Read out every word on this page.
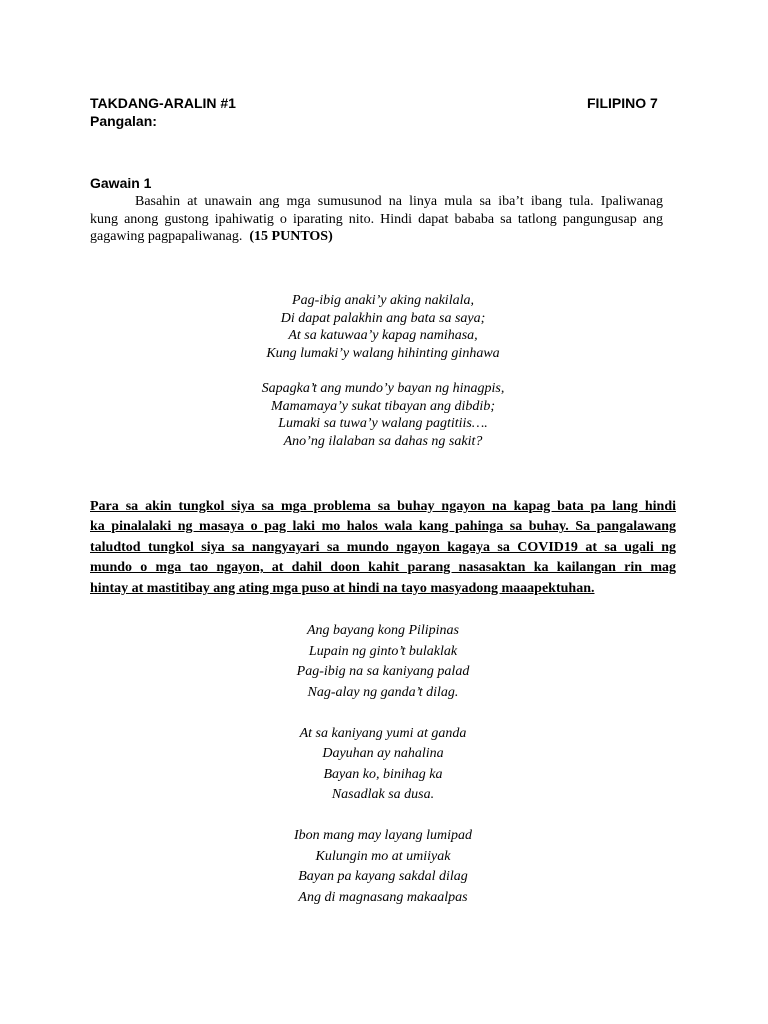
TAKDANG-ARALIN #1	FILIPINO 7
Pangalan:
Gawain 1
Basahin at unawain ang mga sumusunod na linya mula sa iba’t ibang tula. Ipaliwanag
kung anong gustong ipahiwatig o iparating nito. Hindi dapat bababa sa tatlong pangungusap ang
gagawing pagpapaliwanag. (15 PUNTOS)
Pag-ibig anaki’y aking nakilala,
Di dapat palakhin ang bata sa saya;
At sa katuwaa’y kapag namihasa,
Kung lumaki’y walang hihinting ginhawa
Sapagka’t ang mundo’y bayan ng hinagpis,
Mamamaya’y sukat tibayan ang dibdib;
Lumaki sa tuwa’y walang pagtitiis….
Ano’ng ilalaban sa dahas ng sakit?
Para sa akin tungkol siya sa mga problema sa buhay ngayon na kapag bata pa lang hindi
ka pinalalaki ng masaya o pag laki mo halos wala kang pahinga sa buhay. Sa pangalawang
taludtod tungkol siya sa nangyayari sa mundo ngayon kagaya sa COVID19 at sa ugali ng
mundo o mga tao ngayon, at dahil doon kahit parang nasasaktan ka kailangan rin mag
hintay at mastitibay ang ating mga puso at hindi na tayo masyadong maaapektuhan.
Ang bayang kong Pilipinas
Lupain ng ginto’t bulaklak
Pag-ibig na sa kaniyang palad
Nag-alay ng ganda’t dilag.
At sa kaniyang yumi at ganda
Dayuhan ay nahalina
Bayan ko, binihag ka
Nasadlak sa dusa.
Ibon mang may layang lumipad
Kulungin mo at umiiyak
Bayan pa kayang sakdal dilag
Ang di magnasang makaalpas
